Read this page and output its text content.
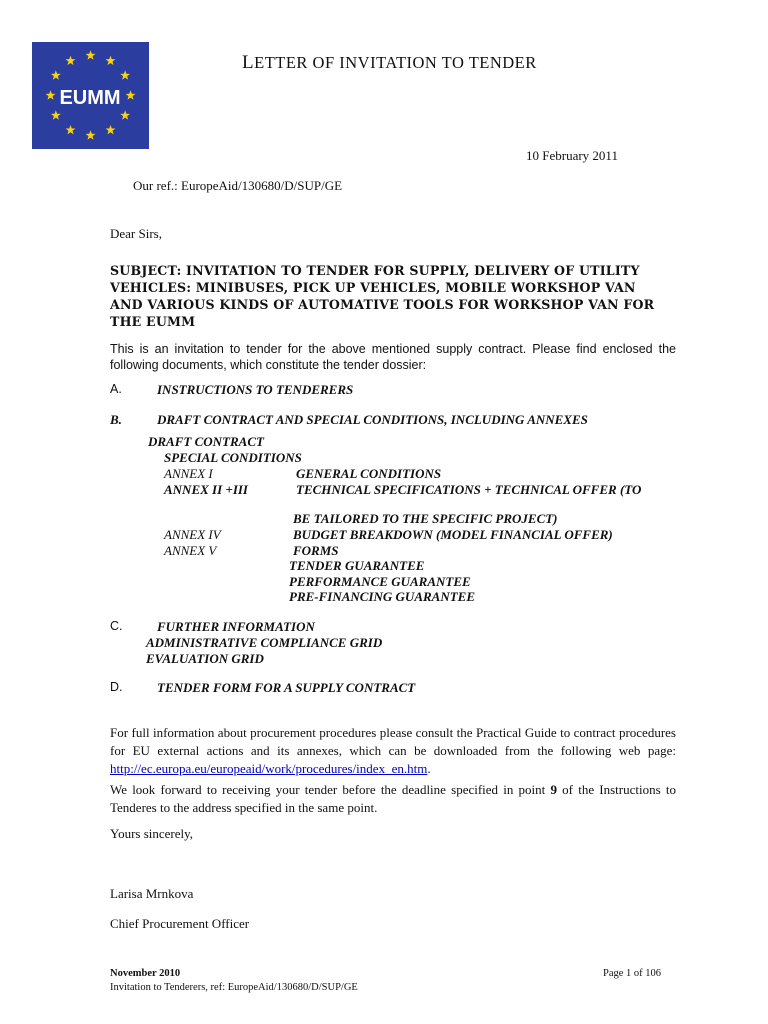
EUMM
LETTER OF INVITATION TO TENDER
10 February 2011
Our ref.: EuropeAid/130680/D/SUP/GE
Dear Sirs,
SUBJECT: INVITATION TO TENDER FOR SUPPLY, DELIVERY OF UTILITY VEHICLES: MINIBUSES, PICK UP VEHICLES, MOBILE WORKSHOP VAN AND VARIOUS KINDS OF AUTOMATIVE TOOLS FOR WORKSHOP VAN FOR THE EUMM
This is an invitation to tender for the above mentioned supply contract. Please find enclosed the following documents, which constitute the tender dossier:
A.	INSTRUCTIONS TO TENDERERS
B.	DRAFT CONTRACT AND SPECIAL CONDITIONS, INCLUDING ANNEXES
DRAFT CONTRACT
SPECIAL CONDITIONS
ANNEX I	GENERAL CONDITIONS
ANNEX II +III	TECHNICAL SPECIFICATIONS + TECHNICAL OFFER (TO
BE TAILORED TO THE SPECIFIC PROJECT)
ANNEX IV	BUDGET BREAKDOWN (MODEL FINANCIAL OFFER)
ANNEX V	FORMS
TENDER GUARANTEE
PERFORMANCE GUARANTEE
PRE-FINANCING GUARANTEE
C.	FURTHER INFORMATION
ADMINISTRATIVE COMPLIANCE GRID
EVALUATION GRID
D.	TENDER FORM FOR A SUPPLY CONTRACT
For full information about procurement procedures please consult the Practical Guide to contract procedures for EU external actions and its annexes, which can be downloaded from the following web page: http://ec.europa.eu/europeaid/work/procedures/index_en.htm.
We look forward to receiving your tender before the deadline specified in point 9 of the Instructions to Tenderes to the address specified in the same point.
Yours sincerely,
Larisa Mrnkova
Chief Procurement Officer
November 2010	Page 1 of 106
Invitation to Tenderers, ref: EuropeAid/130680/D/SUP/GE
